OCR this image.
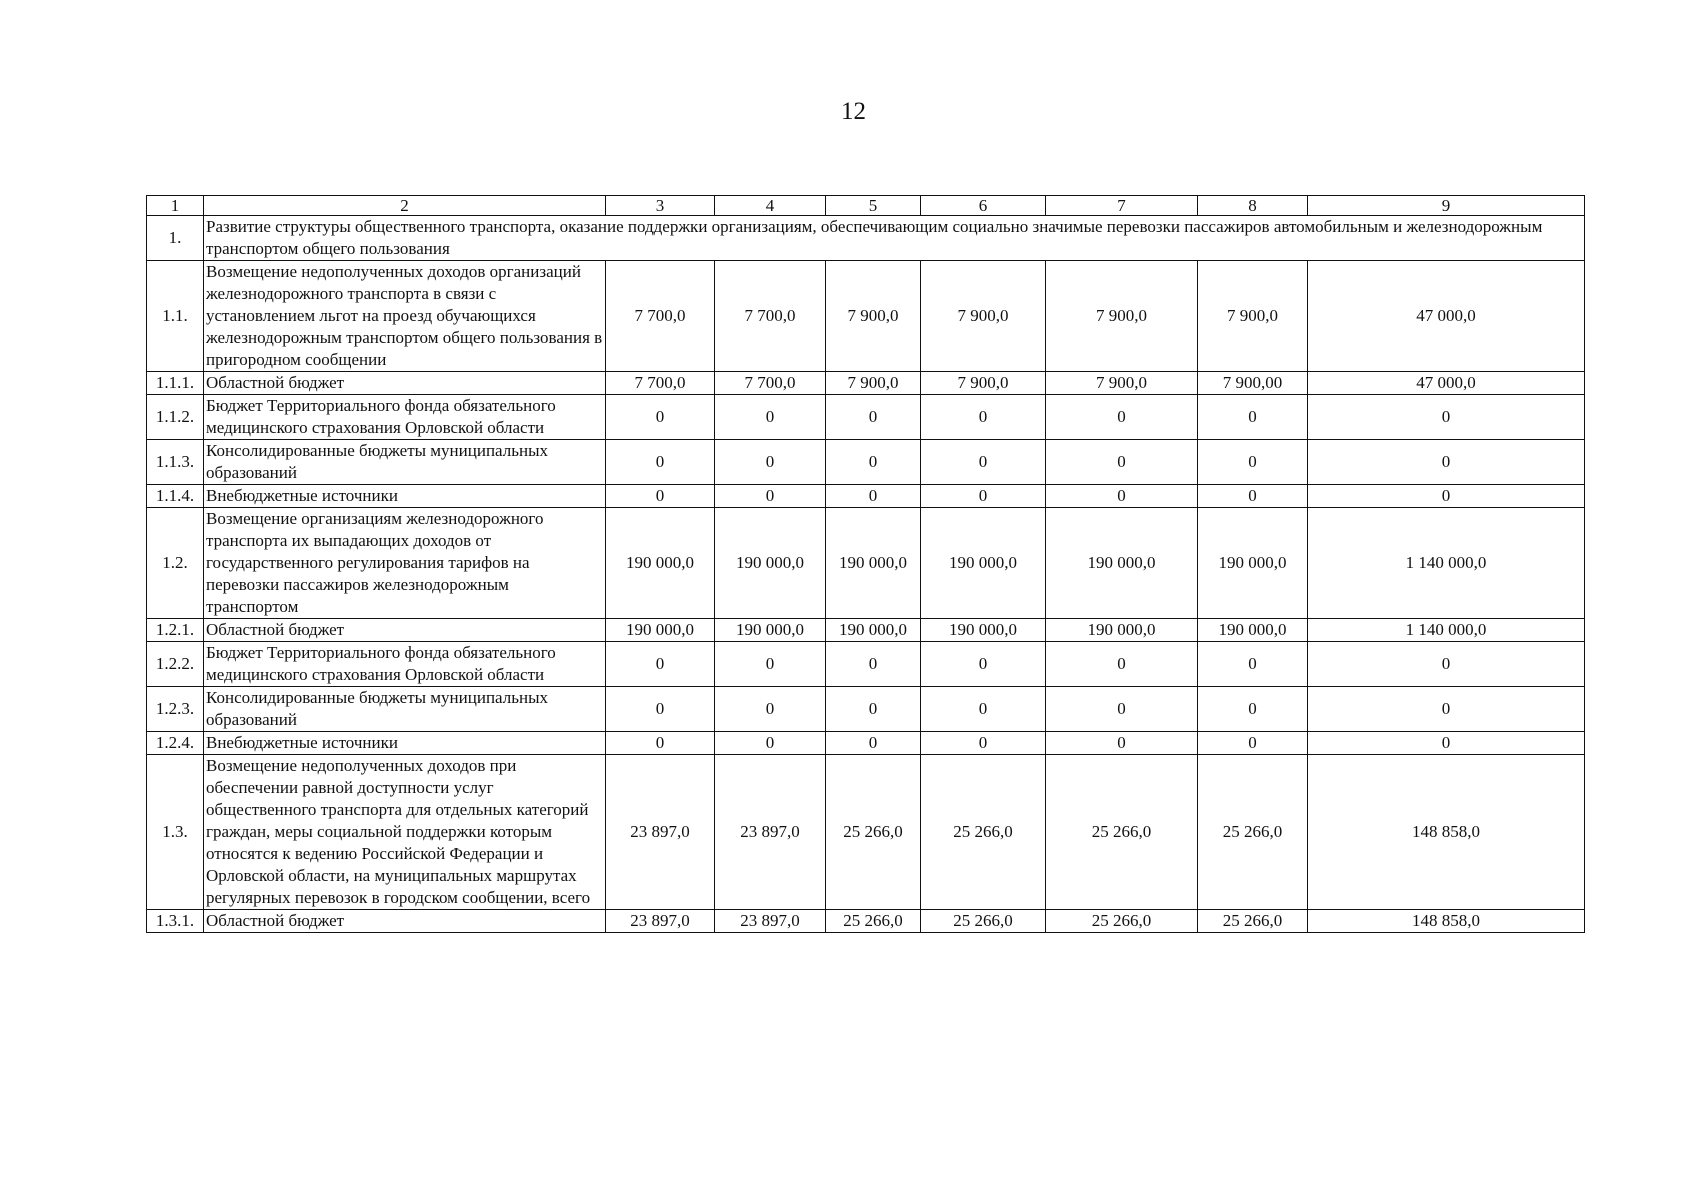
12
1	2	3	4	5	6	7	8	9
1.	Развитие структуры общественного транспорта, оказание поддержки организациям, обеспечивающим социально значимые перевозки пассажиров автомобильным и железнодорожным транспортом общего пользования							
1.1.	Возмещение недополученных доходов организаций железнодорожного транспорта в связи с установлением льгот на проезд обучающихся железнодорожным транспортом общего пользования в пригородном сообщении	7 700,0	7 700,0	7 900,0	7 900,0	7 900,0	7 900,0	47 000,0
1.1.1.	Областной бюджет	7 700,0	7 700,0	7 900,0	7 900,0	7 900,0	7 900,00	47 000,0
1.1.2.	Бюджет Территориального фонда обязательного медицинского страхования Орловской области	0	0	0	0	0	0	0
1.1.3.	Консолидированные бюджеты муниципальных образований	0	0	0	0	0	0	0
1.1.4.	Внебюджетные источники	0	0	0	0	0	0	0
1.2.	Возмещение организациям железнодорожного транспорта их выпадающих доходов от государственного регулирования тарифов на перевозки пассажиров железнодорожным транспортом	190 000,0	190 000,0	190 000,0	190 000,0	190 000,0	190 000,0	1 140 000,0
1.2.1.	Областной бюджет	190 000,0	190 000,0	190 000,0	190 000,0	190 000,0	190 000,0	1 140 000,0
1.2.2.	Бюджет Территориального фонда обязательного медицинского страхования Орловской области	0	0	0	0	0	0	0
1.2.3.	Консолидированные бюджеты муниципальных образований	0	0	0	0	0	0	0
1.2.4.	Внебюджетные источники	0	0	0	0	0	0	0
1.3.	Возмещение недополученных доходов при обеспечении равной доступности услуг общественного транспорта для отдельных категорий граждан, меры социальной поддержки которым относятся к ведению Российской Федерации и Орловской области, на муниципальных маршрутах регулярных перевозок в городском сообщении, всего	23 897,0	23 897,0	25 266,0	25 266,0	25 266,0	25 266,0	148 858,0
1.3.1.	Областной бюджет	23 897,0	23 897,0	25 266,0	25 266,0	25 266,0	25 266,0	148 858,0
